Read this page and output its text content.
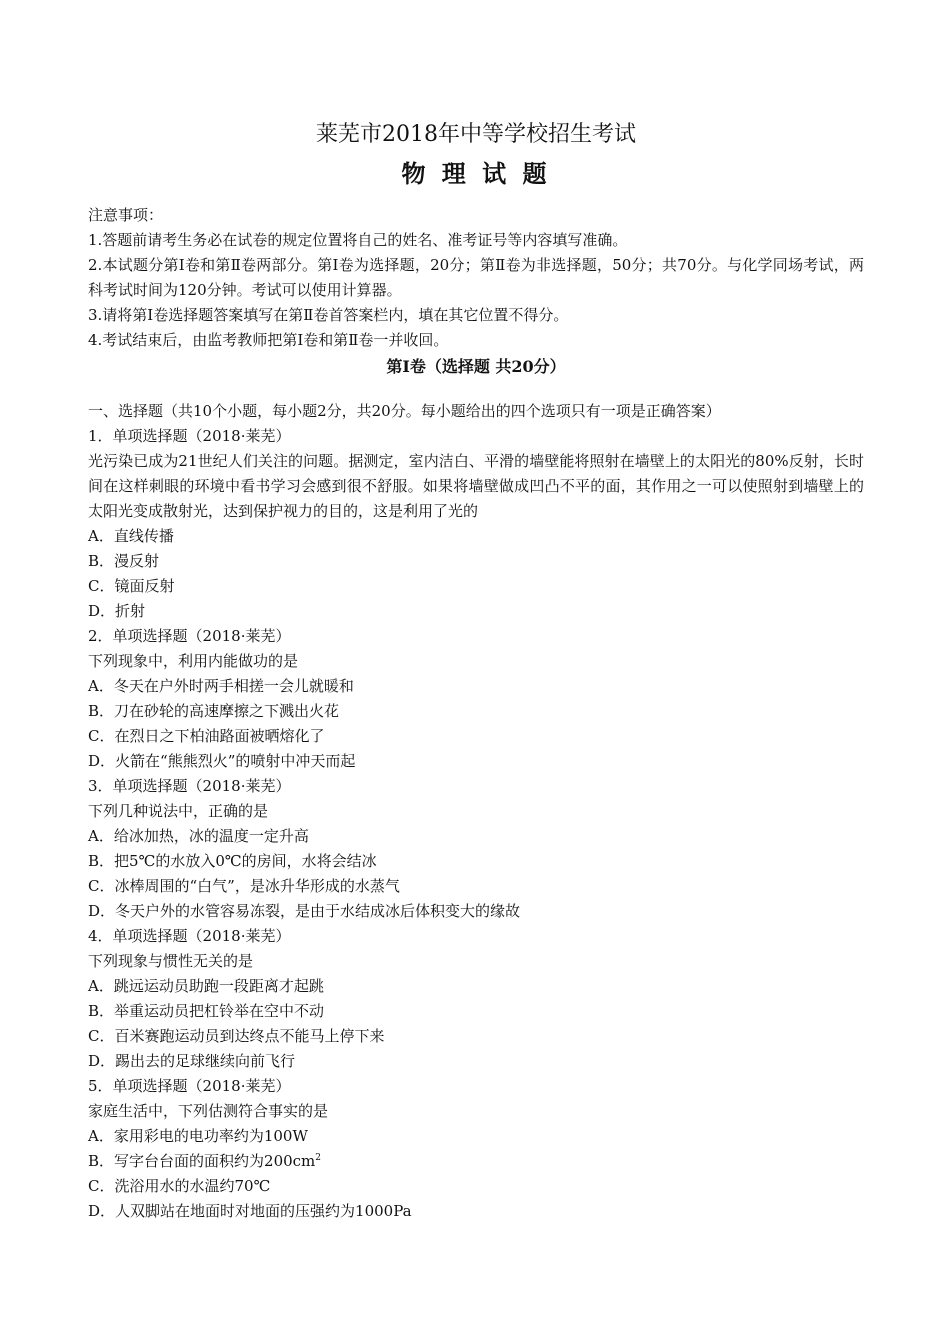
莱芜市2018年中等学校招生考试
物 理 试 题
注意事项：
1.答题前请考生务必在试卷的规定位置将自己的姓名、准考证号等内容填写准确。
2.本试题分第Ⅰ卷和第Ⅱ卷两部分。第Ⅰ卷为选择题，20分；第Ⅱ卷为非选择题，50分；共70分。与化学同场考试，两科考试时间为120分钟。考试可以使用计算器。
3.请将第Ⅰ卷选择题答案填写在第Ⅱ卷首答案栏内，填在其它位置不得分。
4.考试结束后，由监考教师把第Ⅰ卷和第Ⅱ卷一并收回。
第Ⅰ卷（选择题 共20分）
一、选择题（共10个小题，每小题2分，共20分。每小题给出的四个选项只有一项是正确答案）
1．单项选择题（2018·莱芜）
光污染已成为21世纪人们关注的问题。据测定，室内洁白、平滑的墙壁能将照射在墙壁上的太阳光的80%反射，长时间在这样刺眼的环境中看书学习会感到很不舒服。如果将墙壁做成凹凸不平的面，其作用之一可以使照射到墙壁上的太阳光变成散射光，达到保护视力的目的，这是利用了光的
A．直线传播
B．漫反射
C．镜面反射
D．折射
2．单项选择题（2018·莱芜）
下列现象中，利用内能做功的是
A．冬天在户外时两手相搓一会儿就暖和
B．刀在砂轮的高速摩擦之下溅出火花
C．在烈日之下柏油路面被晒熔化了
D．火箭在“熊熊烈火”的喷射中冲天而起
3．单项选择题（2018·莱芜）
下列几种说法中，正确的是
A．给冰加热，冰的温度一定升高
B．把5℃的水放入0℃的房间，水将会结冰
C．冰棒周围的“白气”，是冰升华形成的水蒸气
D．冬天户外的水管容易冻裂，是由于水结成冰后体积变大的缘故
4．单项选择题（2018·莱芜）
下列现象与惯性无关的是
A．跳远运动员助跑一段距离才起跳
B．举重运动员把杠铃举在空中不动
C．百米赛跑运动员到达终点不能马上停下来
D．踢出去的足球继续向前飞行
5．单项选择题（2018·莱芜）
家庭生活中，下列估测符合事实的是
A．家用彩电的电功率约为100W
B．写字台台面的面积约为$200cm^2$
C．洗浴用水的水温约70℃
D．人双脚站在地面时对地面的压强约为1000Pa
